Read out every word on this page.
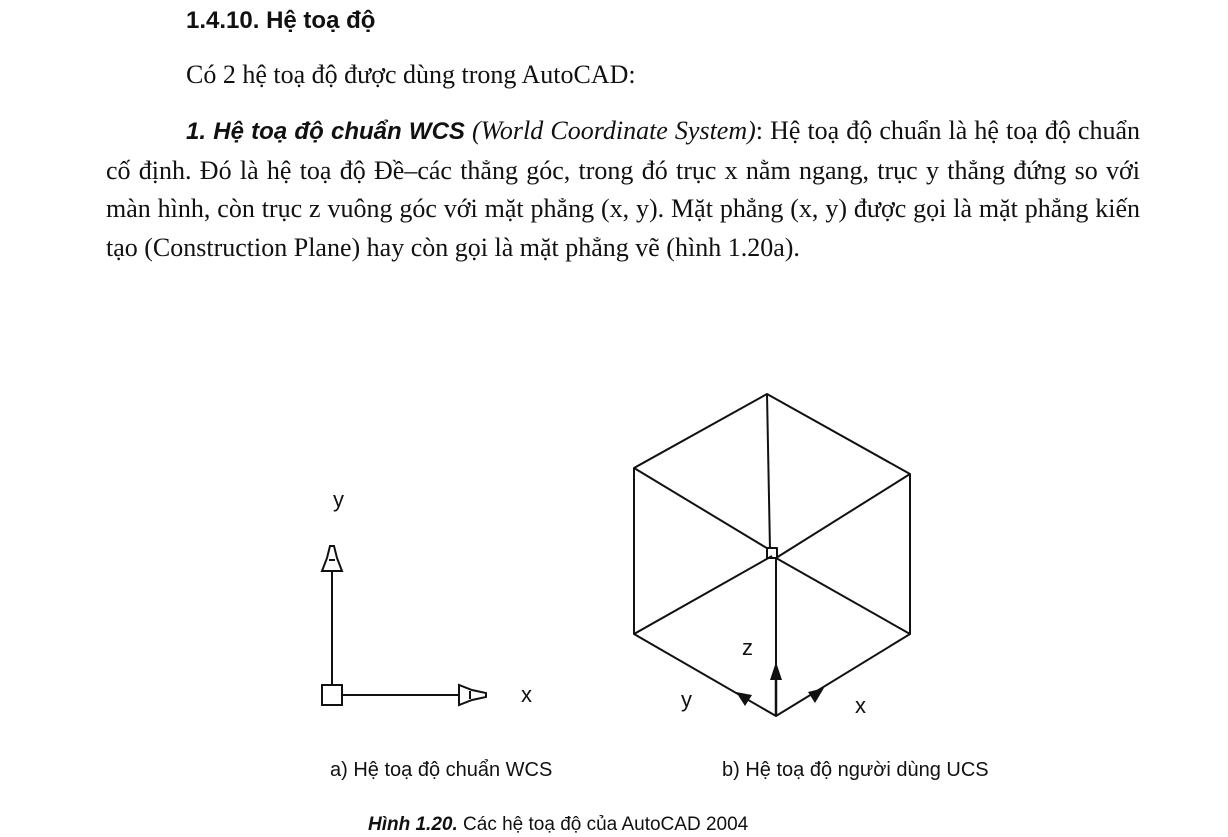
1.4.10. Hệ toạ độ

Có 2 hệ toạ độ được dùng trong AutoCAD:

1. Hệ toạ độ chuẩn WCS (World Coordinate System): Hệ toạ độ chuẩn là hệ toạ độ chuẩn cố định. Đó là hệ toạ độ Đề–các thẳng góc, trong đó trục x nằm ngang, trục y thẳng đứng so với màn hình, còn trục z vuông góc với mặt phẳng (x, y). Mặt phẳng (x, y) được gọi là mặt phẳng kiến tạo (Construction Plane) hay còn gọi là mặt phẳng vẽ (hình 1.20a).

y
x
z
y	x
a) Hệ toạ độ chuẩn WCS	b) Hệ toạ độ người dùng UCS
Hình 1.20. Các hệ toạ độ của AutoCAD 2004
